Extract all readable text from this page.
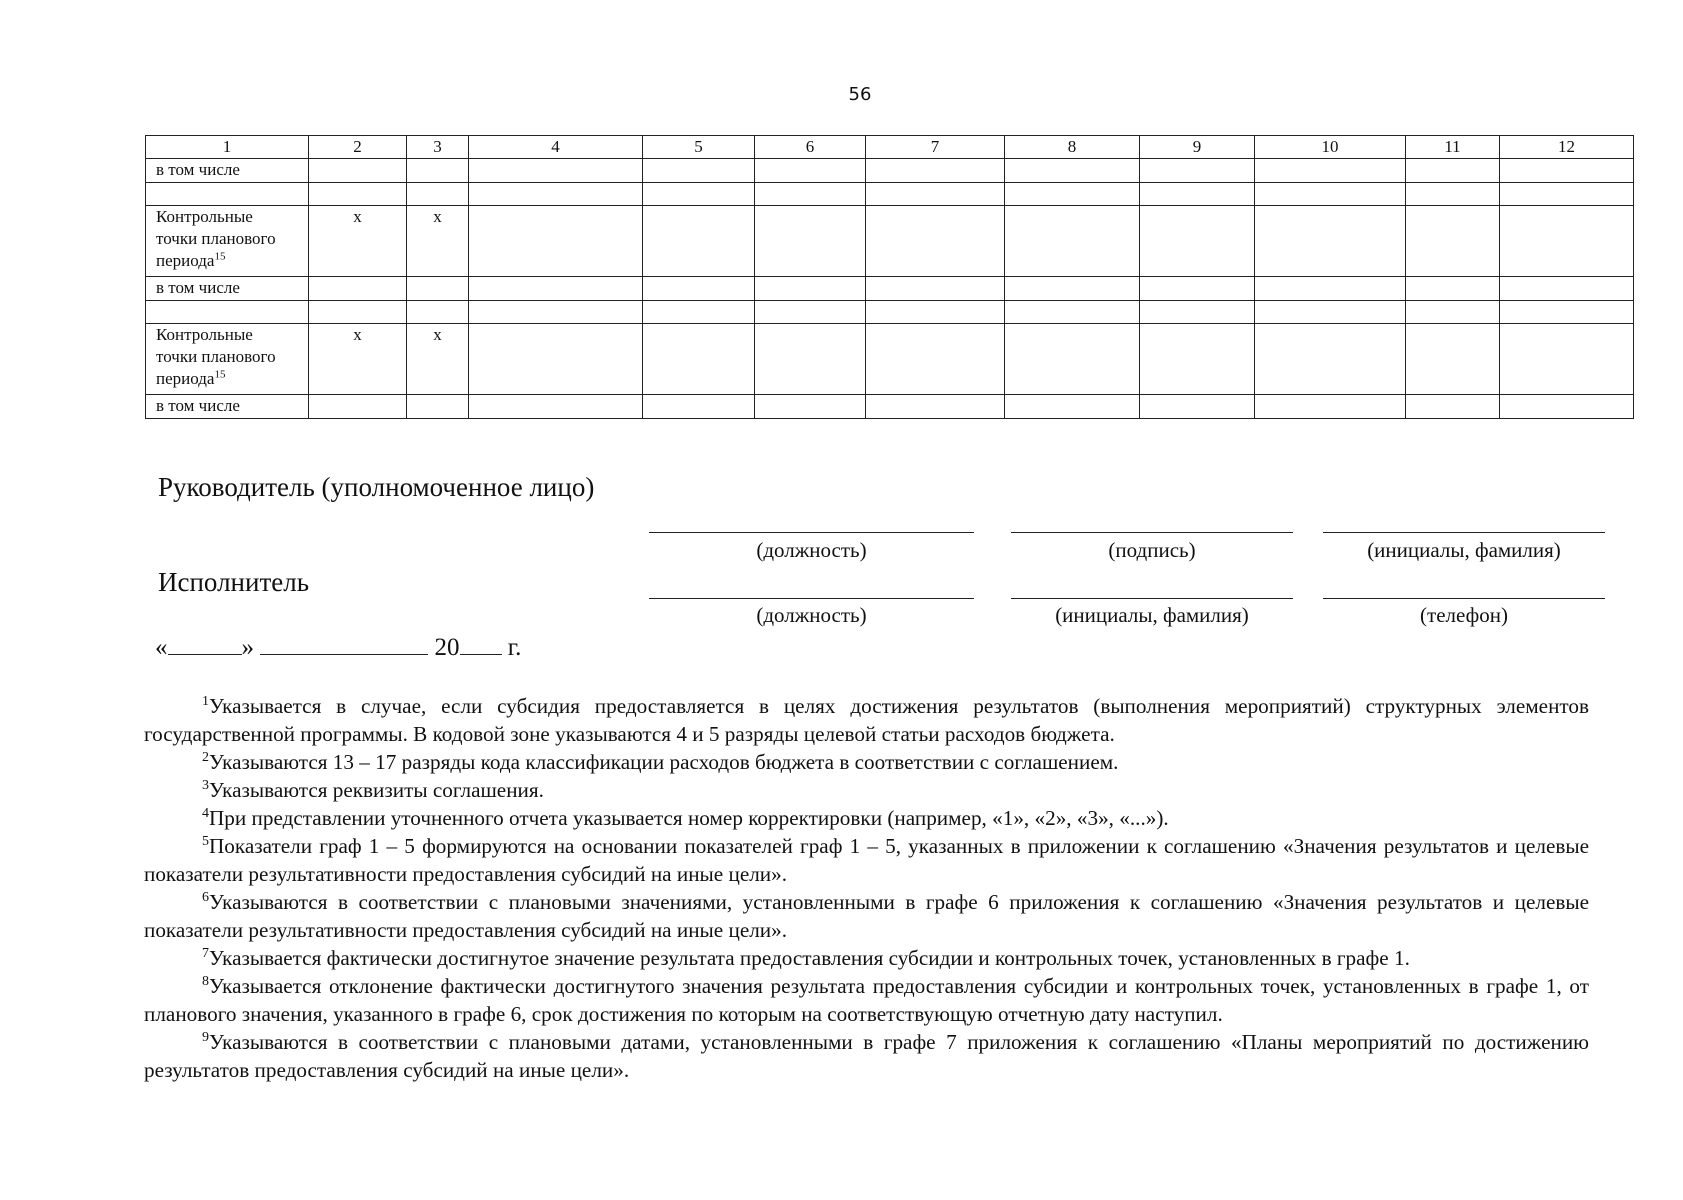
56
1	2	3	4	5	6	7	8	9	10	11	12
в том числе											

Контрольные точки планового периода$^{15}$	x	x									
в том числе											

Контрольные точки планового периода$^{15}$	x	x									
в том числе											
Руководитель (уполномоченное лицо)
(должность)	(подпись)	(инициалы, фамилия)
Исполнитель
(должность)	(инициалы, фамилия)	(телефон)
«	»	20 г.

$^1$Указывается в случае, если субсидия предоставляется в целях достижения результатов (выполнения мероприятий) структурных элементов государственной программы. В кодовой зоне указываются 4 и 5 разряды целевой статьи расходов бюджета.

$^2$Указываются 13 – 17 разряды кода классификации расходов бюджета в соответствии с соглашением.

$^3$Указываются реквизиты соглашения.

$^4$При представлении уточненного отчета указывается номер корректировки (например, «1», «2», «3», «...»).

$^5$Показатели граф 1 – 5 формируются на основании показателей граф 1 – 5, указанных в приложении к соглашению «Значения результатов и целевые показатели результативности предоставления субсидий на иные цели».

$^6$Указываются в соответствии с плановыми значениями, установленными в графе 6 приложения к соглашению «Значения результатов и целевые показатели результативности предоставления субсидий на иные цели».

$^7$Указывается фактически достигнутое значение результата предоставления субсидии и контрольных точек, установленных в графе 1.

$^8$Указывается отклонение фактически достигнутого значения результата предоставления субсидии и контрольных точек, установленных в графе 1, от планового значения, указанного в графе 6, срок достижения по которым на соответствующую отчетную дату наступил.

$^9$Указываются в соответствии с плановыми датами, установленными в графе 7 приложения к соглашению «Планы мероприятий по достижению результатов предоставления субсидий на иные цели».
